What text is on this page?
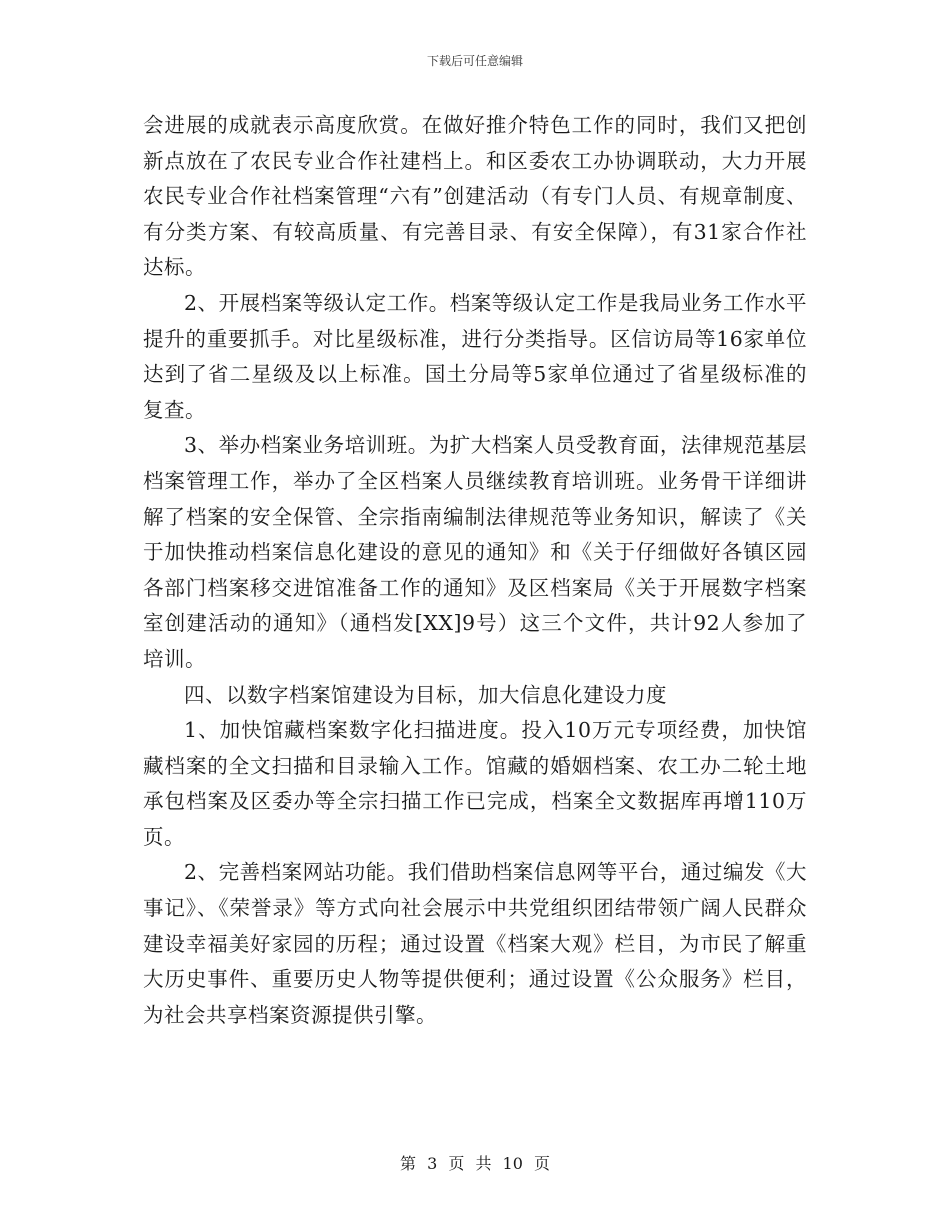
下载后可任意编辑

会进展的成就表示高度欣赏。在做好推介特色工作的同时，我们又把创新点放在了农民专业合作社建档上。和区委农工办协调联动，大力开展农民专业合作社档案管理“六有”创建活动（有专门人员、有规章制度、有分类方案、有较高质量、有完善目录、有安全保障），有31家合作社达标。

2、开展档案等级认定工作。档案等级认定工作是我局业务工作水平提升的重要抓手。对比星级标准，进行分类指导。区信访局等16家单位达到了省二星级及以上标准。国土分局等5家单位通过了省星级标准的复查。

3、举办档案业务培训班。为扩大档案人员受教育面，法律规范基层档案管理工作，举办了全区档案人员继续教育培训班。业务骨干详细讲解了档案的安全保管、全宗指南编制法律规范等业务知识，解读了《关于加快推动档案信息化建设的意见的通知》和《关于仔细做好各镇区园各部门档案移交进馆准备工作的通知》及区档案局《关于开展数字档案室创建活动的通知》（通档发[XX]9号）这三个文件，共计92人参加了培训。

四、以数字档案馆建设为目标，加大信息化建设力度

1、加快馆藏档案数字化扫描进度。投入10万元专项经费，加快馆藏档案的全文扫描和目录输入工作。馆藏的婚姻档案、农工办二轮土地承包档案及区委办等全宗扫描工作已完成，档案全文数据库再增110万页。

2、完善档案网站功能。我们借助档案信息网等平台，通过编发《大事记》、《荣誉录》等方式向社会展示中共党组织团结带领广阔人民群众建设幸福美好家园的历程；通过设置《档案大观》栏目，为市民了解重大历史事件、重要历史人物等提供便利；通过设置《公众服务》栏目，为社会共享档案资源提供引擎。

第 3 页 共 10 页
